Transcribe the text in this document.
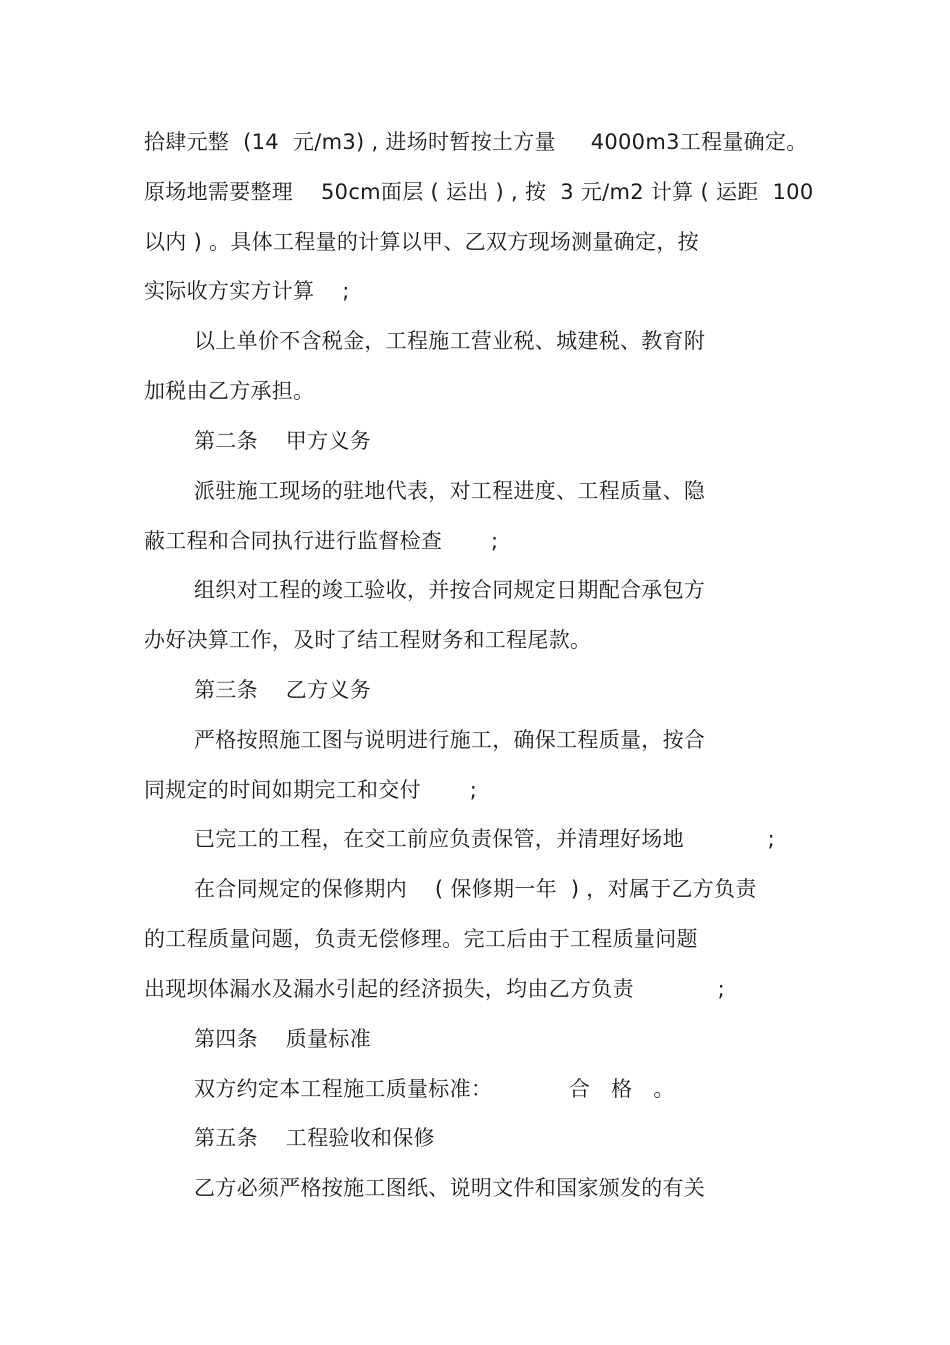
拾肆元整  (14  元/m3) , 进场时暂按土方量     4000m3工程量确定。
原场地需要整理    50cm面层 ( 运出 ) , 按  3 元/m2 计算 ( 运距  100
以内 ) 。具体工程量的计算以甲、乙双方现场测量确定，按
实际收方实方计算    ;
以上单价不含税金，工程施工营业税、城建税、教育附
加税由乙方承担。
第二条    甲方义务
派驻施工现场的驻地代表，对工程进度、工程质量、隐
蔽工程和合同执行进行监督检查       ;
组织对工程的竣工验收，并按合同规定日期配合承包方
办好决算工作，及时了结工程财务和工程尾款。
第三条    乙方义务
严格按照施工图与说明进行施工，确保工程质量，按合
同规定的时间如期完工和交付       ;
已完工的工程，在交工前应负责保管，并清理好场地            ;
在合同规定的保修期内    ( 保修期一年  ) ，对属于乙方负责
的工程质量问题，负责无偿修理。完工后由于工程质量问题
出现坝体漏水及漏水引起的经济损失，均由乙方负责            ;
第四条    质量标准
双方约定本工程施工质量标准：           合   格   。
第五条    工程验收和保修
乙方必须严格按施工图纸、说明文件和国家颁发的有关
